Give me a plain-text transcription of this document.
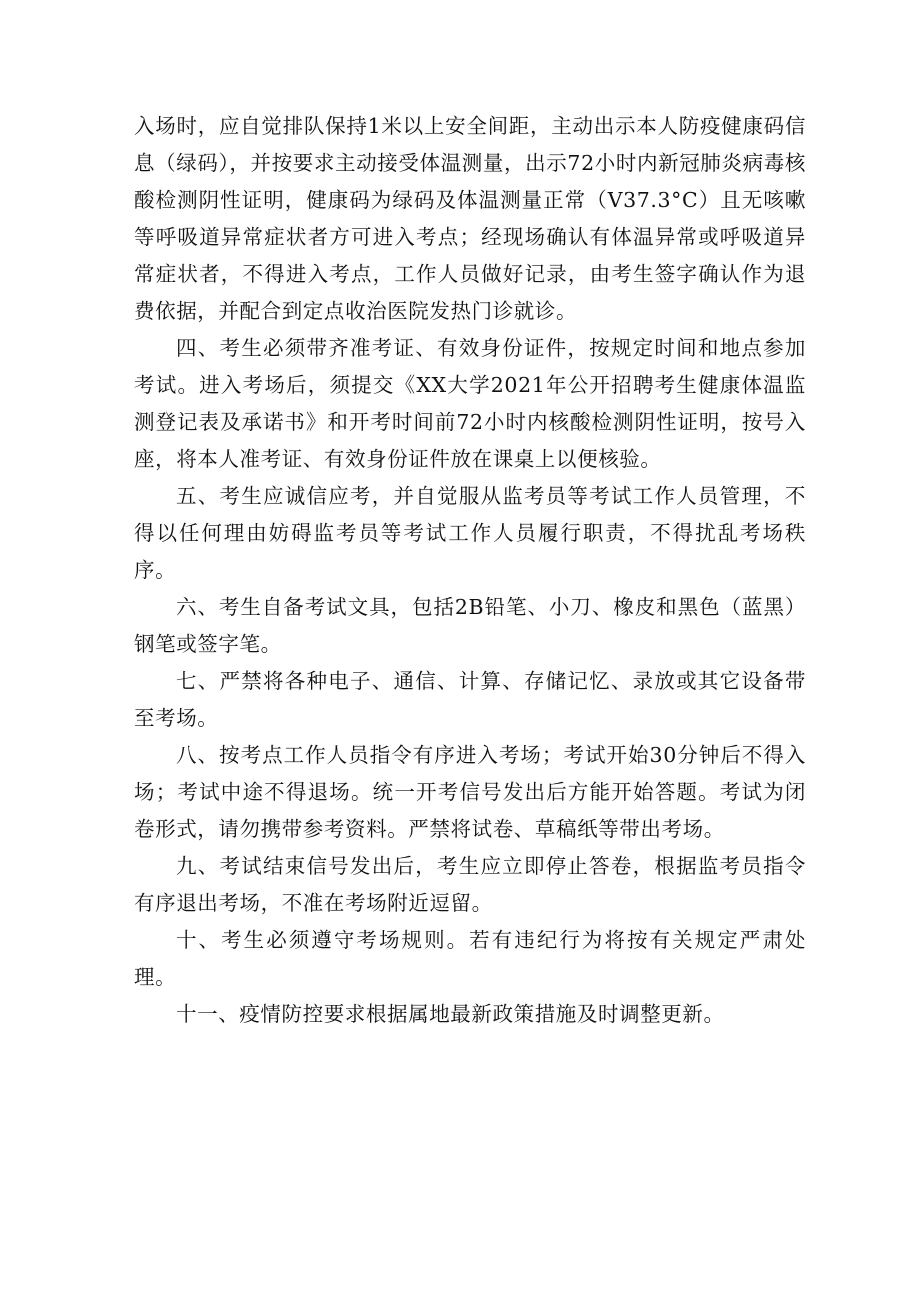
入场时，应自觉排队保持1米以上安全间距，主动出示本人防疫健康码信息（绿码），并按要求主动接受体温测量，出示72小时内新冠肺炎病毒核酸检测阴性证明，健康码为绿码及体温测量正常（V37.3°C）且无咳嗽等呼吸道异常症状者方可进入考点；经现场确认有体温异常或呼吸道异常症状者，不得进入考点，工作人员做好记录，由考生签字确认作为退费依据，并配合到定点收治医院发热门诊就诊。

四、考生必须带齐准考证、有效身份证件，按规定时间和地点参加考试。进入考场后，须提交《XX大学2021年公开招聘考生健康体温监测登记表及承诺书》和开考时间前72小时内核酸检测阴性证明，按号入座，将本人准考证、有效身份证件放在课桌上以便核验。

五、考生应诚信应考，并自觉服从监考员等考试工作人员管理，不得以任何理由妨碍监考员等考试工作人员履行职责，不得扰乱考场秩序。

六、考生自备考试文具，包括2B铅笔、小刀、橡皮和黑色（蓝黑）钢笔或签字笔。

七、严禁将各种电子、通信、计算、存储记忆、录放或其它设备带至考场。

八、按考点工作人员指令有序进入考场；考试开始30分钟后不得入场；考试中途不得退场。统一开考信号发出后方能开始答题。考试为闭卷形式，请勿携带参考资料。严禁将试卷、草稿纸等带出考场。

九、考试结束信号发出后，考生应立即停止答卷，根据监考员指令有序退出考场，不准在考场附近逗留。

十、考生必须遵守考场规则。若有违纪行为将按有关规定严肃处理。

十一、疫情防控要求根据属地最新政策措施及时调整更新。
